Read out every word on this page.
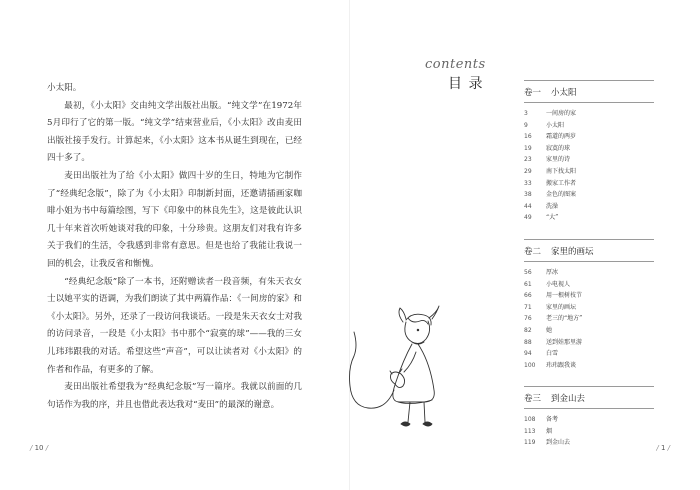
小太阳。

最初，《小太阳》交由纯文学出版社出版。“纯文学”在1972年5月印行了它的第一版。“纯文学”结束营业后，《小太阳》改由麦田出版社接手发行。计算起来，《小太阳》这本书从诞生到现在，已经四十多了。

麦田出版社为了给《小太阳》做四十岁的生日，特地为它制作了“经典纪念版”，除了为《小太阳》印制新封面，还邀请插画家咖啡小姐为书中每篇绘图，写下《印象中的林良先生》，这是彼此认识几十年来首次听她谈对我的印象，十分珍贵。这朋友们对我有许多关于我们的生活，令我感到非常有意思。但是也给了我能让我说一回的机会，让我反省和惭愧。

“经典纪念版”除了一本书，还附赠读者一段音频，有朱天衣女士以她平实的语调，为我们朗读了其中两篇作品：《一间房的家》和《小太阳》。另外，还录了一段访问我谈话。一段是朱天衣女士对我的访问录音，一段是《小太阳》书中那个“寂寞的球”——我的三女儿玮玮跟我的对话。希望这些“声音”，可以让读者对《小太阳》的作者和作品，有更多的了解。

麦田出版社希望我为“经典纪念版”写一篇序。我就以前面的几句话作为我的序，并且也借此表达我对“麦田”的最深的谢意。

/ 10 /	/ 1 /
contents
目 录
卷一 小太阳
3	一间房的家
9	小太阳
16	霜道的两岁
19	寂寞的球
23	家里的诗
29	南下找太阳
33	搬家工作者
38	金色的图案
44	洗澡
49	“大”
卷二 家里的画坛
56	厚冰
61	小电视人
66	用一根树枝节
71	家里的画坛
76	老三的“地方”
82	她
88	送到娃那里游
94	白雪
100	玮玮跟我谈
卷三 到金山去
108	备考
113	烟
119	到金山去
